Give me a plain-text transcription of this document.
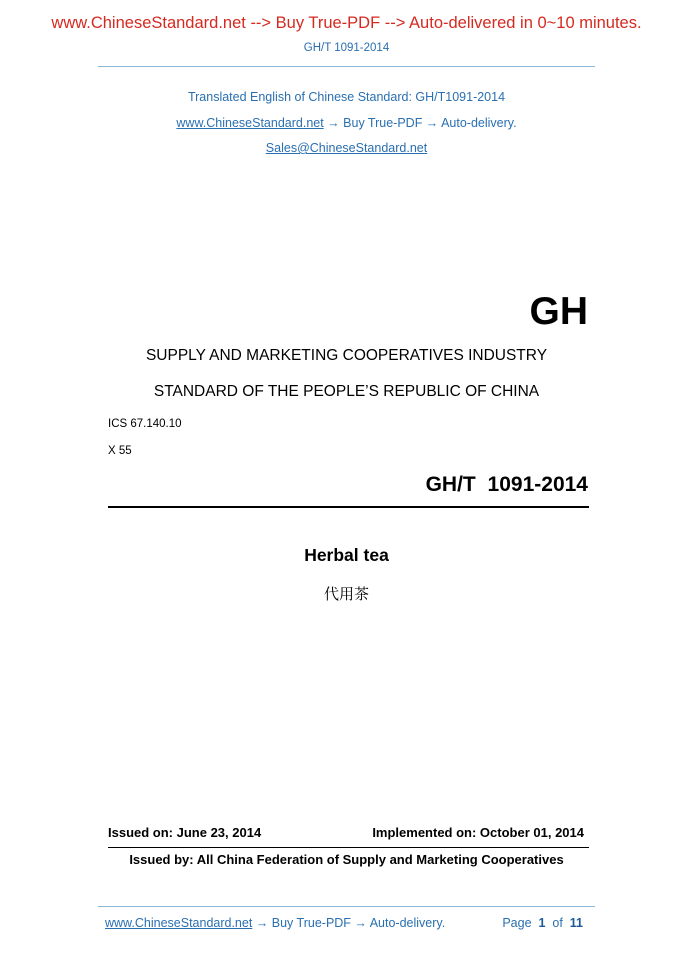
www.ChineseStandard.net --> Buy True-PDF --> Auto-delivered in 0~10 minutes.
GH/T 1091-2014
Translated English of Chinese Standard: GH/T1091-2014
www.ChineseStandard.net → Buy True-PDF → Auto-delivery.
Sales@ChineseStandard.net
GH
SUPPLY AND MARKETING COOPERATIVES INDUSTRY
STANDARD OF THE PEOPLE’S REPUBLIC OF CHINA
ICS 67.140.10
X 55
GH/T 1091-2014
Herbal tea
代用茶
Issued on: June 23, 2014	Implemented on: October 01, 2014
Issued by: All China Federation of Supply and Marketing Cooperatives
www.ChineseStandard.net → Buy True-PDF → Auto-delivery.	Page 1 of 11
